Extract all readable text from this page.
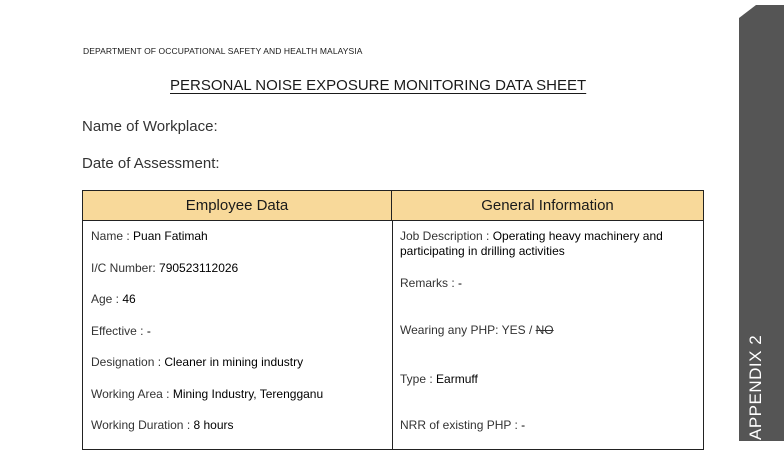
DEPARTMENT OF OCCUPATIONAL SAFETY AND HEALTH MALAYSIA
PERSONAL NOISE EXPOSURE MONITORING DATA SHEET
Name of Workplace:
Date of Assessment:
Employee Data	General Information
Name : Puan Fatimah
I/C Number: 790523112026
Age : 46
Effective : -
Designation : Cleaner in mining industry
Working Area : Mining Industry, Terengganu
Working Duration : 8 hours
Job Description : Operating heavy machinery and participating in drilling activities
Remarks : -
Wearing any PHP: YES / NO
Type : Earmuff
NRR of existing PHP : -	APPENDIX 2
